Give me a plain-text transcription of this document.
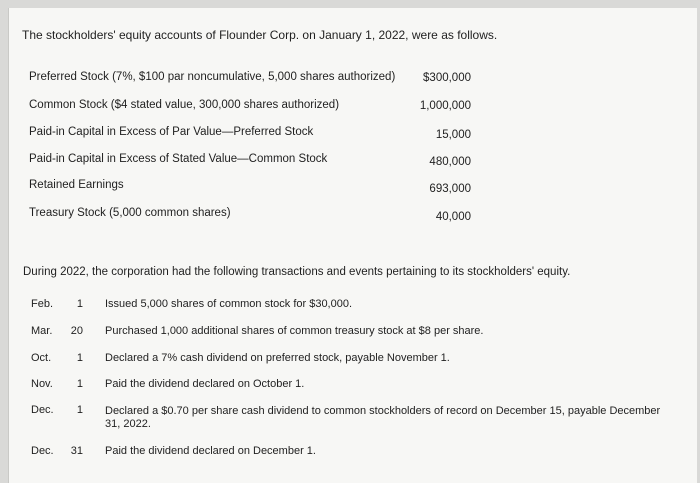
The stockholders' equity accounts of Flounder Corp. on January 1, 2022, were as follows.
Preferred Stock (7%, $100 par noncumulative, 5,000 shares authorized) $300,000
Common Stock ($4 stated value, 300,000 shares authorized)	1,000,000
Paid-in Capital in Excess of Par Value—Preferred Stock	15,000
Paid-in Capital in Excess of Stated Value—Common Stock	480,000
Retained Earnings	693,000
Treasury Stock (5,000 common shares)	40,000
During 2022, the corporation had the following transactions and events pertaining to its stockholders' equity.
Feb.	1 Issued 5,000 shares of common stock for $30,000.
Mar.	20 Purchased 1,000 additional shares of common treasury stock at $8 per share.
Oct.	1 Declared a 7% cash dividend on preferred stock, payable November 1.
Nov.	1 Paid the dividend declared on October 1.
Dec.	1 Declared a $0.70 per share cash dividend to common stockholders of record on December 15, payable December 31, 2022.
Dec.	31 Paid the dividend declared on December 1.
